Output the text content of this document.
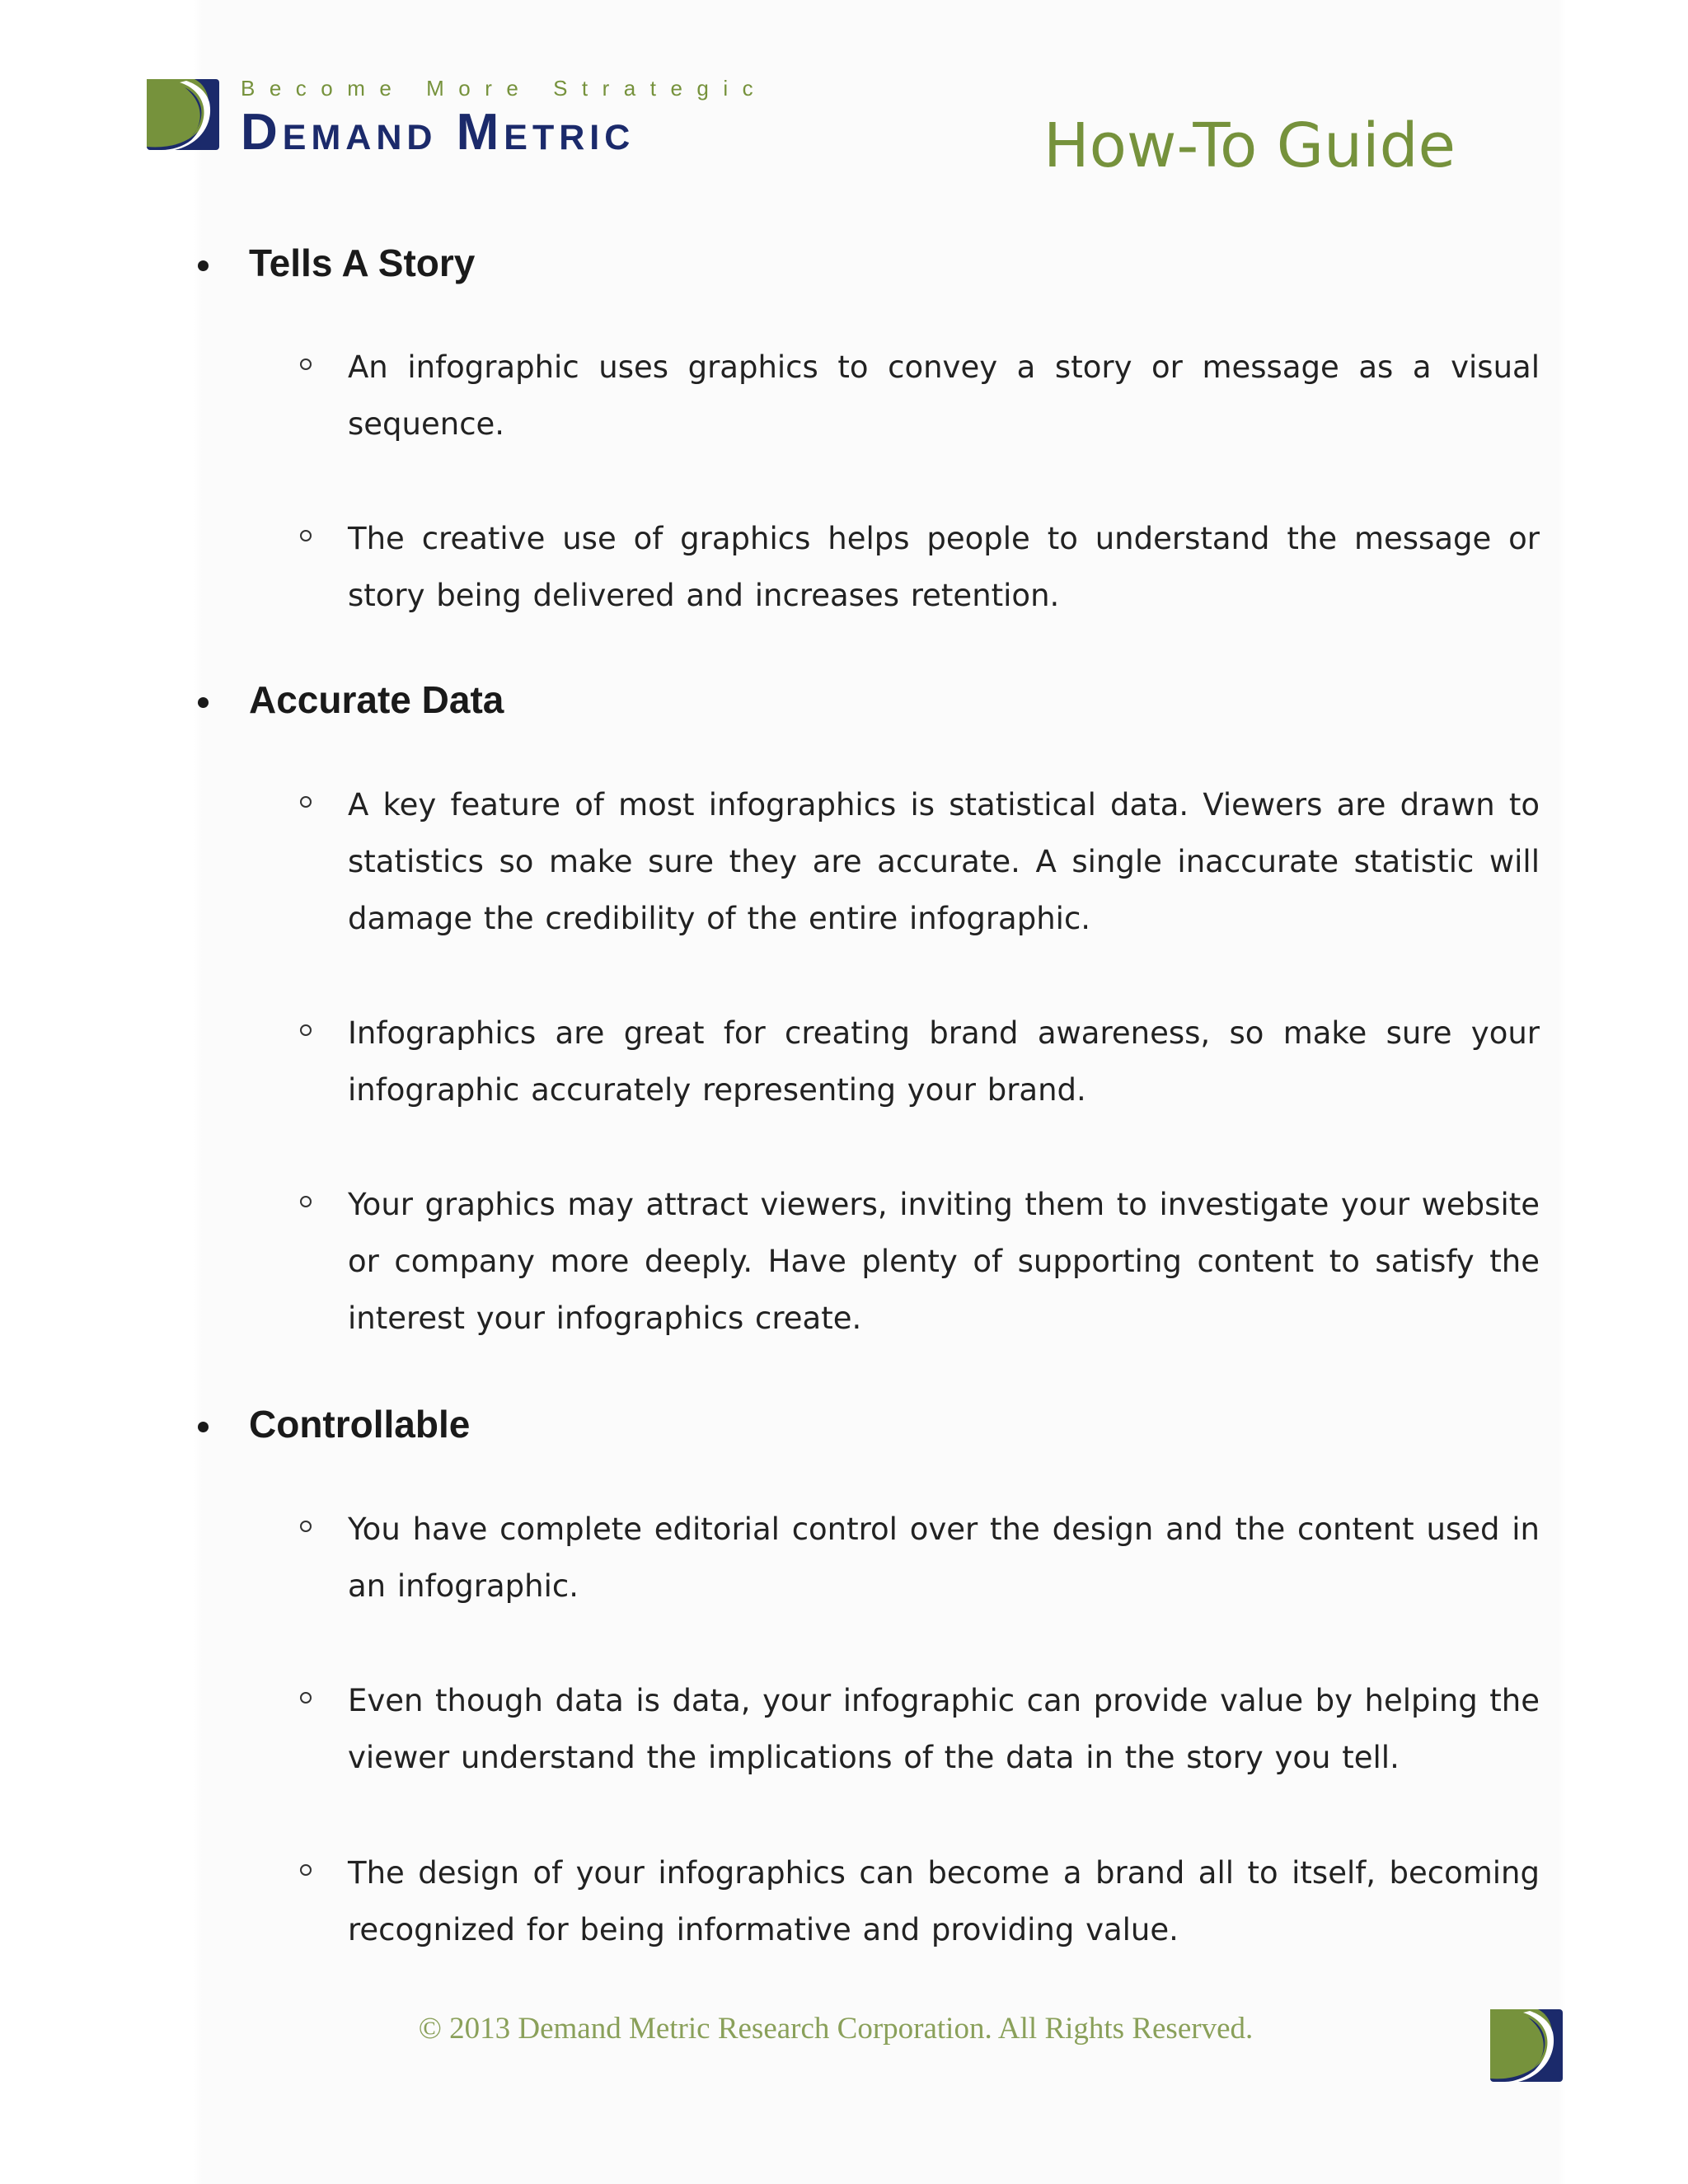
Become More Strategic
Demand Metric	How-To Guide
Tells A Story
An infographic uses graphics to convey a story or message as a visual sequence.
The creative use of graphics helps people to understand the message or story being delivered and increases retention.
Accurate Data
A key feature of most infographics is statistical data. Viewers are drawn to statistics so make sure they are accurate. A single inaccurate statistic will damage the credibility of the entire infographic.
Infographics are great for creating brand awareness, so make sure your infographic accurately representing your brand.
Your graphics may attract viewers, inviting them to investigate your website or company more deeply. Have plenty of supporting content to satisfy the interest your infographics create.
Controllable
You have complete editorial control over the design and the content used in an infographic.
Even though data is data, your infographic can provide value by helping the viewer understand the implications of the data in the story you tell.
The design of your infographics can become a brand all to itself, becoming recognized for being informative and providing value.
© 2013 Demand Metric Research Corporation. All Rights Reserved.
